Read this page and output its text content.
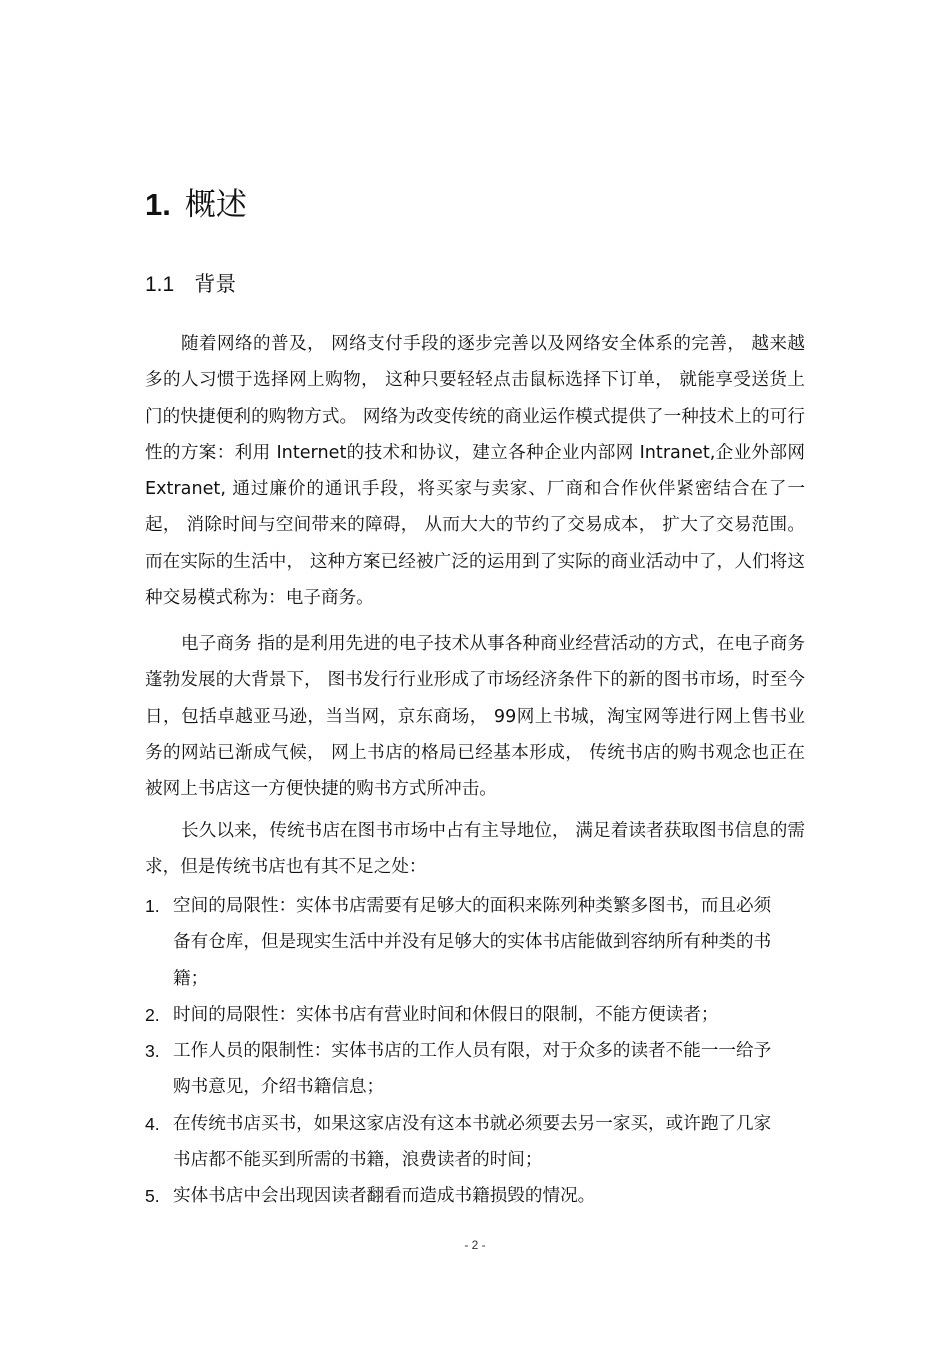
1. 概述
1.1 背景

随着网络的普及， 网络支付手段的逐步完善以及网络安全体系的完善， 越来越多的人习惯于选择网上购物， 这种只要轻轻点击鼠标选择下订单， 就能享受送货上门的快捷便利的购物方式。 网络为改变传统的商业运作模式提供了一种技术上的可行性的方案：利用 Internet的技术和协议，建立各种企业内部网 Intranet,企业外部网 Extranet, 通过廉价的通讯手段，将买家与卖家、厂商和合作伙伴紧密结合在了一起， 消除时间与空间带来的障碍， 从而大大的节约了交易成本， 扩大了交易范围。 而在实际的生活中， 这种方案已经被广泛的运用到了实际的商业活动中了，人们将这种交易模式称为：电子商务。

电子商务 指的是利用先进的电子技术从事各种商业经营活动的方式，在电子商务蓬勃发展的大背景下， 图书发行行业形成了市场经济条件下的新的图书市场，时至今日，包括卓越亚马逊，当当网，京东商场， 99网上书城，淘宝网等进行网上售书业务的网站已渐成气候， 网上书店的格局已经基本形成， 传统书店的购书观念也正在被网上书店这一方便快捷的购书方式所冲击。

长久以来，传统书店在图书市场中占有主导地位， 满足着读者获取图书信息的需求，但是传统书店也有其不足之处：

1. 空间的局限性：实体书店需要有足够大的面积来陈列种类繁多图书，而且必须备有仓库，但是现实生活中并没有足够大的实体书店能做到容纳所有种类的书籍；
2. 时间的局限性：实体书店有营业时间和休假日的限制，不能方便读者；
3. 工作人员的限制性：实体书店的工作人员有限，对于众多的读者不能一一给予购书意见，介绍书籍信息；
4. 在传统书店买书，如果这家店没有这本书就必须要去另一家买，或许跑了几家书店都不能买到所需的书籍，浪费读者的时间；
5. 实体书店中会出现因读者翻看而造成书籍损毁的情况。
- 2 -
